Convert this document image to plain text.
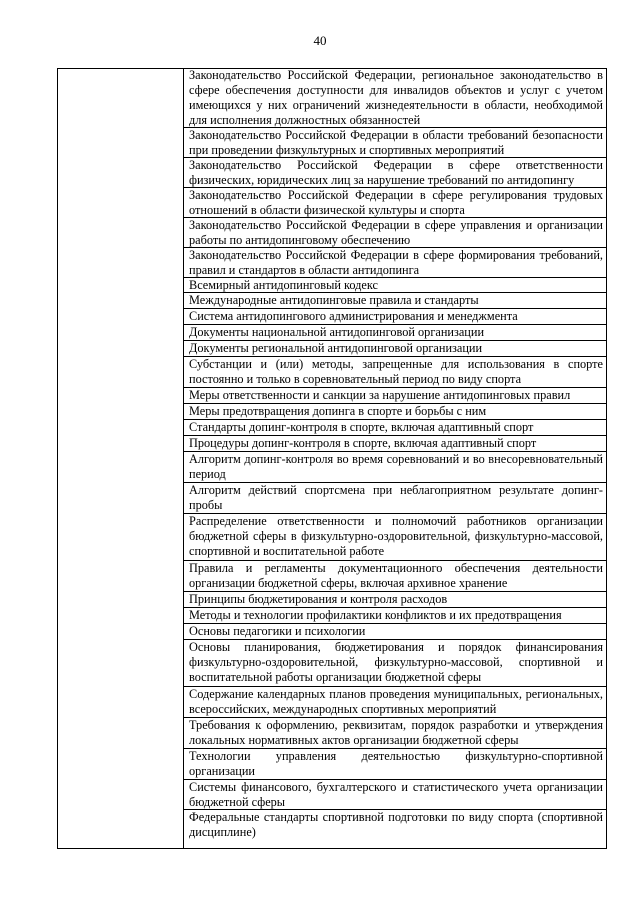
40
Законодательство Российской Федерации, региональное законодательство в сфере обеспечения доступности для инвалидов объектов и услуг с учетом имеющихся у них ограничений жизнедеятельности в области, необходимой для исполнения должностных обязанностей
Законодательство Российской Федерации в области требований безопасности при проведении физкультурных и спортивных мероприятий
Законодательство Российской Федерации в сфере ответственности физических, юридических лиц за нарушение требований по антидопингу
Законодательство Российской Федерации в сфере регулирования трудовых отношений в области физической культуры и спорта
Законодательство Российской Федерации в сфере управления и организации работы по антидопинговому обеспечению
Законодательство Российской Федерации в сфере формирования требований, правил и стандартов в области антидопинга
Всемирный антидопинговый кодекс
Международные антидопинговые правила и стандарты
Система антидопингового администрирования и менеджмента
Документы национальной антидопинговой организации
Документы региональной антидопинговой организации
Субстанции и (или) методы, запрещенные для использования в спорте постоянно и только в соревновательный период по виду спорта
Меры ответственности и санкции за нарушение антидопинговых правил
Меры предотвращения допинга в спорте и борьбы с ним
Стандарты допинг-контроля в спорте, включая адаптивный спорт
Процедуры допинг-контроля в спорте, включая адаптивный спорт
Алгоритм допинг-контроля во время соревнований и во внесоревновательный период
Алгоритм действий спортсмена при неблагоприятном результате допинг-пробы
Распределение ответственности и полномочий работников организации бюджетной сферы в физкультурно-оздоровительной, физкультурно-массовой, спортивной и воспитательной работе
Правила и регламенты документационного обеспечения деятельности организации бюджетной сферы, включая архивное хранение
Принципы бюджетирования и контроля расходов
Методы и технологии профилактики конфликтов и их предотвращения
Основы педагогики и психологии
Основы планирования, бюджетирования и порядок финансирования физкультурно-оздоровительной, физкультурно-массовой, спортивной и воспитательной работы организации бюджетной сферы
Содержание календарных планов проведения муниципальных, региональных, всероссийских, международных спортивных мероприятий
Требования к оформлению, реквизитам, порядок разработки и утверждения локальных нормативных актов организации бюджетной сферы
Технологии управления деятельностью физкультурно-спортивной организации
Системы финансового, бухгалтерского и статистического учета организации бюджетной сферы
Федеральные стандарты спортивной подготовки по виду спорта (спортивной дисциплине)
